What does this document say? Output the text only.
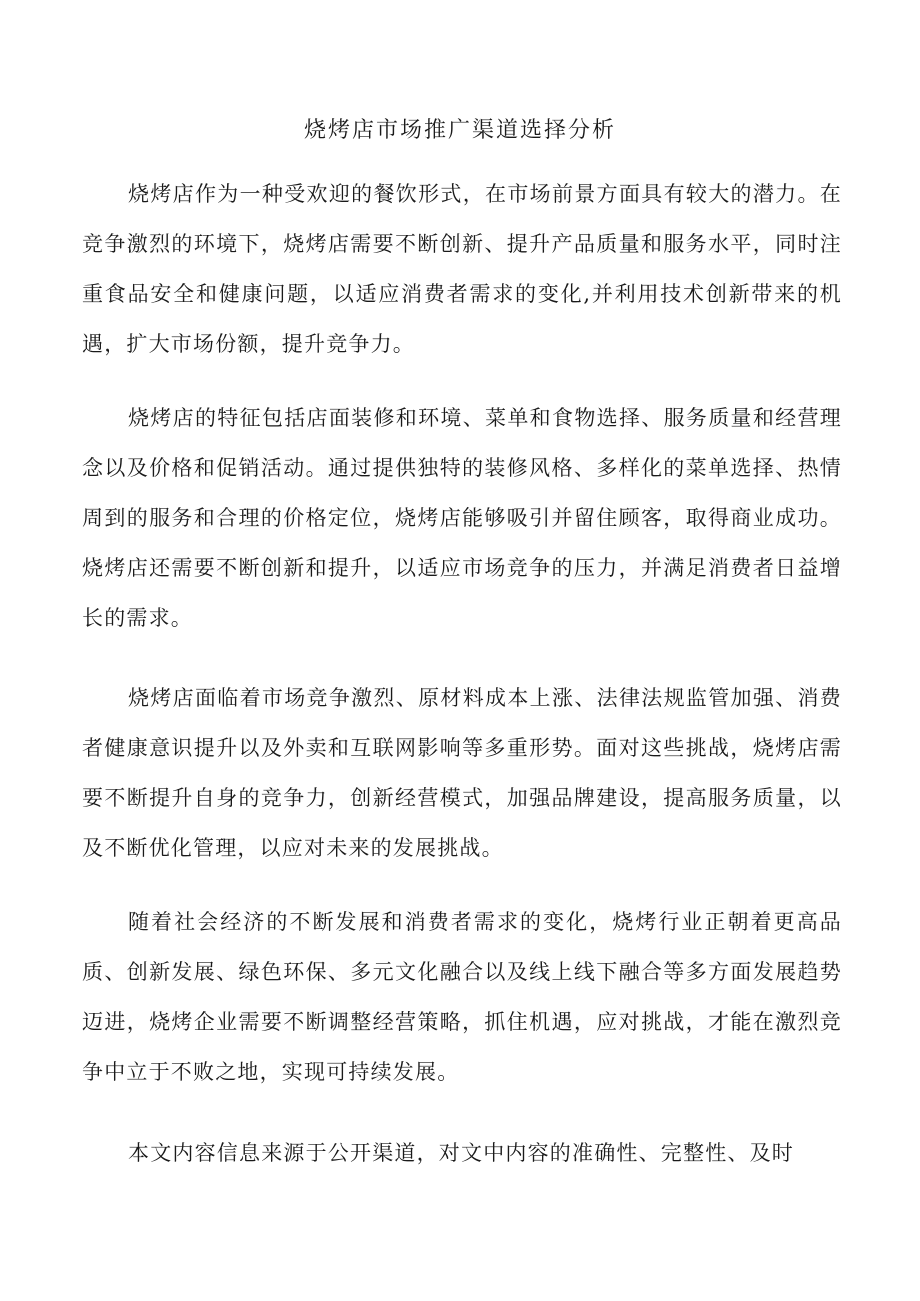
烧烤店市场推广渠道选择分析

烧烤店作为一种受欢迎的餐饮形式，在市场前景方面具有较大的潜力。在竞争激烈的环境下，烧烤店需要不断创新、提升产品质量和服务水平，同时注重食品安全和健康问题，以适应消费者需求的变化,并利用技术创新带来的机遇，扩大市场份额，提升竞争力。

烧烤店的特征包括店面装修和环境、菜单和食物选择、服务质量和经营理念以及价格和促销活动。通过提供独特的装修风格、多样化的菜单选择、热情周到的服务和合理的价格定位，烧烤店能够吸引并留住顾客，取得商业成功。烧烤店还需要不断创新和提升，以适应市场竞争的压力，并满足消费者日益增长的需求。

烧烤店面临着市场竞争激烈、原材料成本上涨、法律法规监管加强、消费者健康意识提升以及外卖和互联网影响等多重形势。面对这些挑战，烧烤店需要不断提升自身的竞争力，创新经营模式，加强品牌建设，提高服务质量，以及不断优化管理，以应对未来的发展挑战。

随着社会经济的不断发展和消费者需求的变化，烧烤行业正朝着更高品质、创新发展、绿色环保、多元文化融合以及线上线下融合等多方面发展趋势迈进，烧烤企业需要不断调整经营策略，抓住机遇，应对挑战，才能在激烈竞争中立于不败之地，实现可持续发展。

本文内容信息来源于公开渠道，对文中内容的准确性、完整性、及时
